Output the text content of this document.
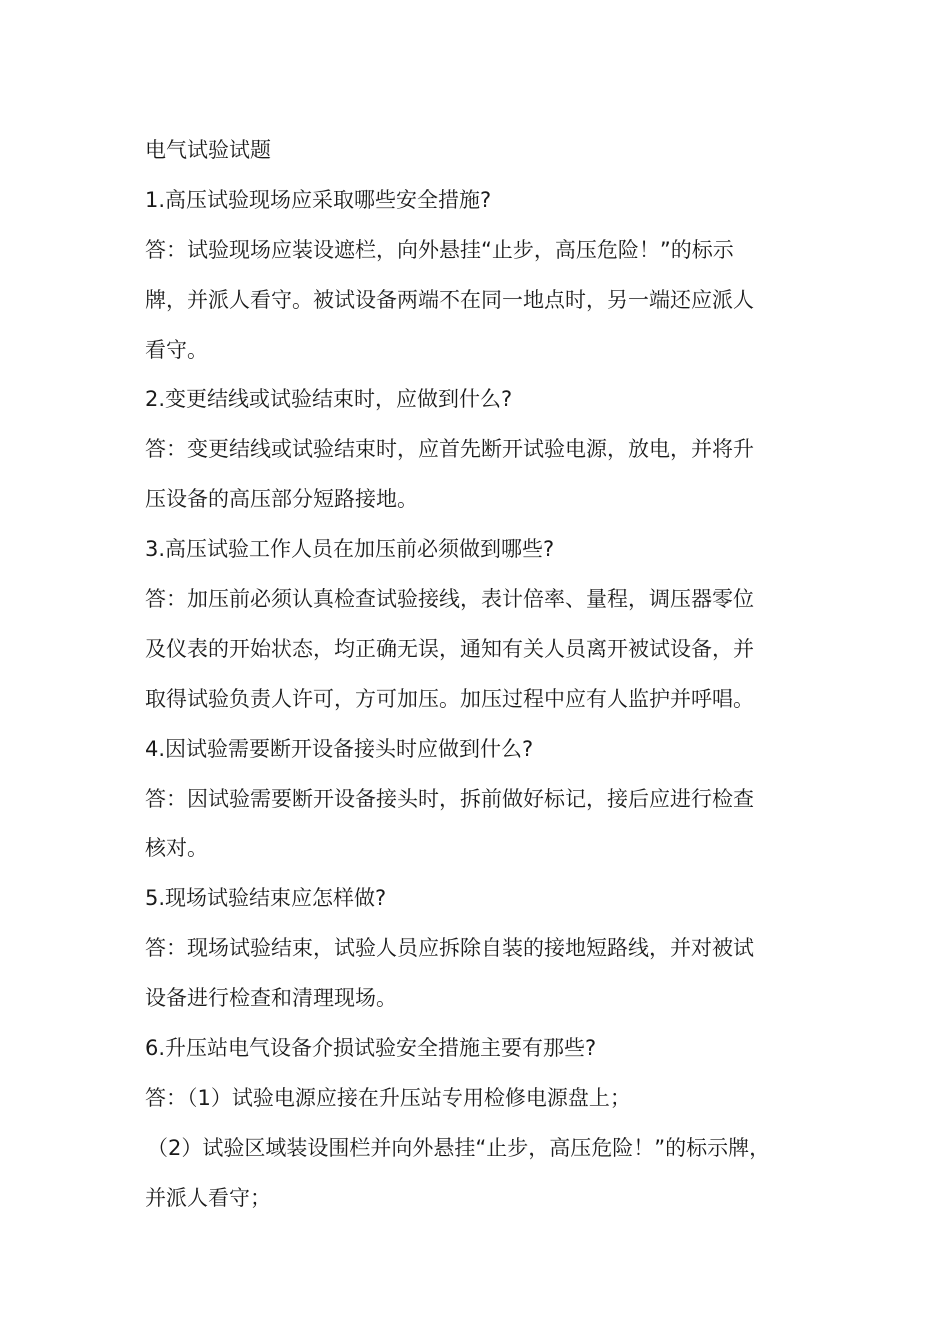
电气试验试题
1.高压试验现场应采取哪些安全措施?
答：试验现场应装设遮栏，向外悬挂“止步，高压危险！”的标示
牌，并派人看守。被试设备两端不在同一地点时，另一端还应派人
看守。
2.变更结线或试验结束时，应做到什么?
答：变更结线或试验结束时，应首先断开试验电源，放电，并将升
压设备的高压部分短路接地。
3.高压试验工作人员在加压前必须做到哪些?
答：加压前必须认真检查试验接线，表计倍率、量程，调压器零位
及仪表的开始状态，均正确无误，通知有关人员离开被试设备，并
取得试验负责人许可，方可加压。加压过程中应有人监护并呼唱。
4.因试验需要断开设备接头时应做到什么?
答：因试验需要断开设备接头时，拆前做好标记，接后应进行检查
核对。
5.现场试验结束应怎样做?
答：现场试验结束，试验人员应拆除自装的接地短路线，并对被试
设备进行检查和清理现场。
6.升压站电气设备介损试验安全措施主要有那些?
答：（1）试验电源应接在升压站专用检修电源盘上；
（2）试验区域装设围栏并向外悬挂“止步，高压危险！”的标示牌，
并派人看守；
